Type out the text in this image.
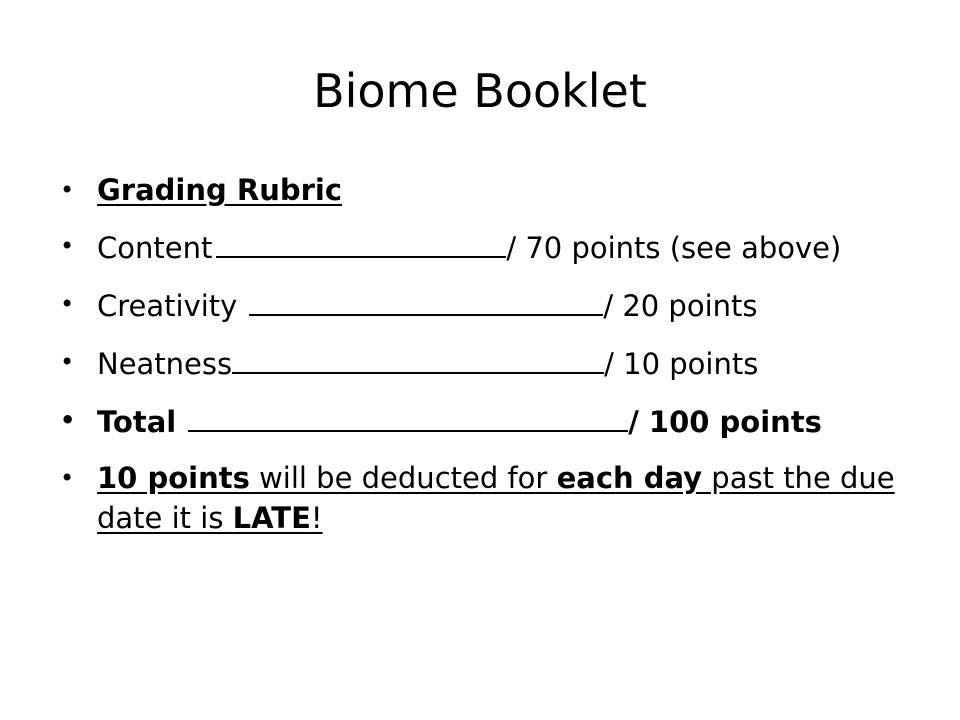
Biome Booklet
• Grading Rubric
• Content	/ 70 points (see above)
• Creativity	/ 20 points
• Neatness	/ 10 points
• Total	/ 100 points
• 10 points will be deducted for each day past the due date it is LATE!
